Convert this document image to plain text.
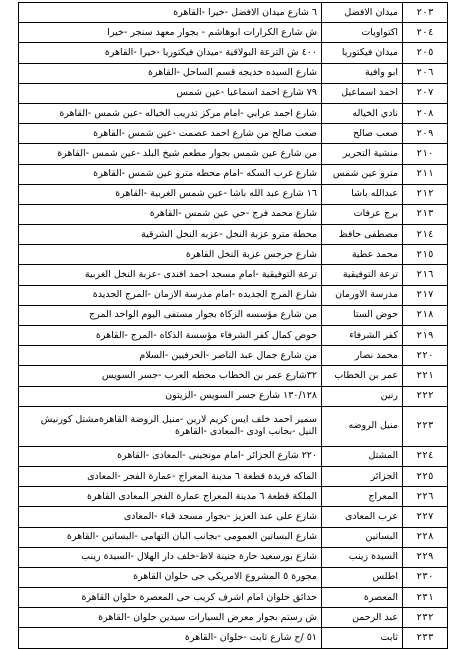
٢٠٣	ميدان الافضل	٦ شارع ميدان الافضل -خيرا -القاهرة
٢٠٤	اكتواويات	ش شارع الكرارات ابوهاشم - بجوار معهد سنجر -خيرا
٢٠٥	ميدان فيكتوريا	٤٠٠ ش الترعة البولاقية -ميدان فيكتوريا -خيرا -القاهرة
٢٠٦	ابو وافية	شارع السيده خديجه قسم الساحل -القاهرة
٢٠٧	احمد اسماعيل	٧٩ شارع احمد اسماعيا -عين شمس
٢٠٨	نادي الخياله	شارع احمد عرابي -امام مركز تدريب الخياله -عين شمس -القاهرة
٢٠٩	صعب صالح	صعب صالح من شارع احمد عصمت -عين شمس -القاهرة
٢١٠	منشية التحرير	من شارع عين شمس بجوار مطعم شيخ البلد -عين شمس -القاهرة
٢١١	مترو عين شمس	شارع غرب السكه -امام محطه مترو عين شمس -القاهرة
٢١٢	عبدالله باشا	١٦ شارع عبد الله باشا -عين شمس الغربية -القاهرة
٢١٣	برج عرفات	شارع محمد فرج -حي عين شمس -القاهرة
٢١٤	مصطفى حافظ	محطة مترو عزبة النخل -عزبه النخل الشرقية
٢١٥	محمد عطية	شارع جرجس عزبة النخل القاهرة
٢١٦	ترعة التوفيقية	ترعة التوفيقية -امام مسجد احمد افندى -عزبة النخل الغربية
٢١٧	مدرسة الاورمان	شارع المرج الجديده -امام مدرسة الازمان -المرج الجديدة
٢١٨	حوض الستا	من شارع مؤسسه الزكاة بجوار مستفى اليوم الواحد المرج
٢١٩	كفر الشرفاء	حوض كمال كفر الشرفاء مؤسسة الذكاه -المرج -القاهرة
٢٢٠	محمد نصار	من شارع جمال عبد الناصر -الحرفيين -السلام
٢٢١	عمر بن الخطاب	٣٢شارع عمر بن الخطاب محطه العرب -جسر السويس
٢٢٢	رنين	١٣٠/١٢٨ شارع جسر السويس -الزيتون
٢٢٣	منيل الروضه	سمير احمد خلف ايس كريم لارين -منيل الروضة القاهرةمشتل كورنيش النيل -بجانب اودى -المعادى -القاهرة
٢٢٤	المشتل	٢٢٠ شارع الجزائر -امام مونجينى -المعادى -القاهرة
٢٢٥	الجزائر	الماكه فريدة قطعة ٦ مدينة المعراج -عمارة الفجر -المعادى
٢٢٦	المعراج	الملكة قطعة ٦ مدينة المعراج عمارة الفجر المعادى القاهرة
٢٢٧	عرب المعادى	شارع على عبد العزيز -بجوار مسجد قباء -المعادى
٢٢٨	البساتين	شارع البساتين العمومى -بجانب البان التهامى -البساتين -القاهرة
٢٢٩	السيدة زينب	شارع بورسعيد حارة جنينة لاظ-خلف دار الهلال -السيدة زينب
٢٣٠	اطلس	مجورة ٥ المشروع الامريكى حى حلوان القاهرة
٢٣١	المعصرة	حدائق حلوان امام اشرف كريب حى المعصرة حلوان القاهرة
٢٣٢	عبد الرحمن	ش رستم بجوار معرض السيارات سيدين حلوان -القاهرة
٢٣٣	ثابت	٥١ /ح شارع ثابت -حلوان -القاهرة
